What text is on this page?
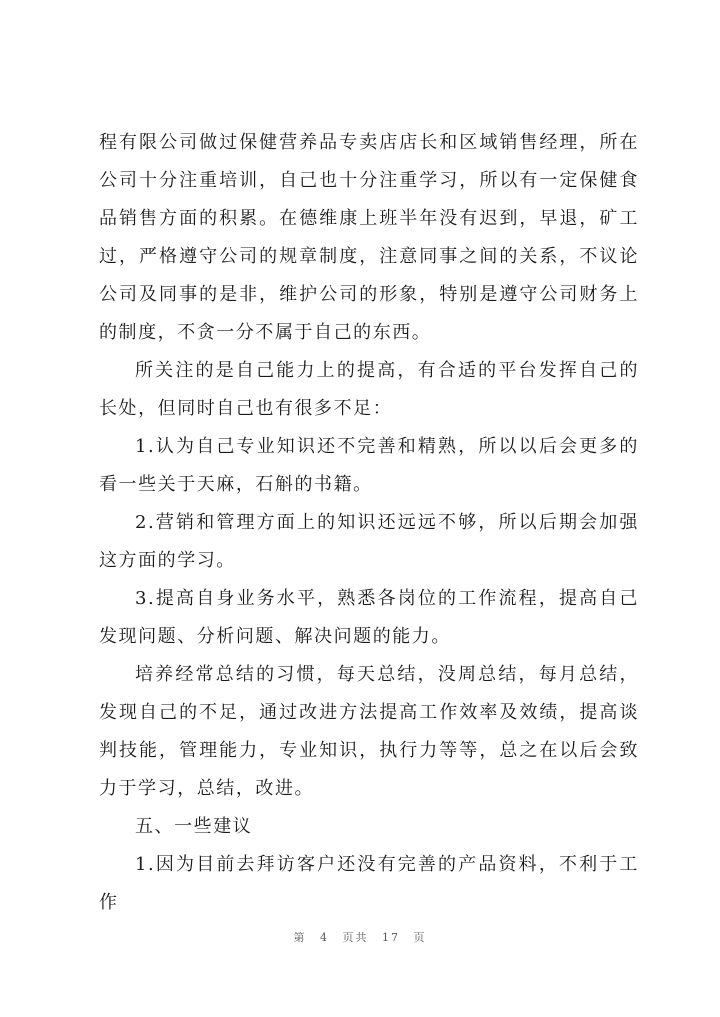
程有限公司做过保健营养品专卖店店长和区域销售经理，所在公司十分注重培训，自己也十分注重学习，所以有一定保健食品销售方面的积累。在德维康上班半年没有迟到，早退，矿工过，严格遵守公司的规章制度，注意同事之间的关系，不议论公司及同事的是非，维护公司的形象，特别是遵守公司财务上的制度，不贪一分不属于自己的东西。

所关注的是自己能力上的提高，有合适的平台发挥自己的长处，但同时自己也有很多不足：

1.认为自己专业知识还不完善和精熟，所以以后会更多的看一些关于天麻，石斛的书籍。

2.营销和管理方面上的知识还远远不够，所以后期会加强这方面的学习。

3.提高自身业务水平，熟悉各岗位的工作流程，提高自己发现问题、分析问题、解决问题的能力。

培养经常总结的习惯，每天总结，没周总结，每月总结，发现自己的不足，通过改进方法提高工作效率及效绩，提高谈判技能，管理能力，专业知识，执行力等等，总之在以后会致力于学习，总结，改进。

五、一些建议

1.因为目前去拜访客户还没有完善的产品资料，不利于工作

第 4 页共 17 页
